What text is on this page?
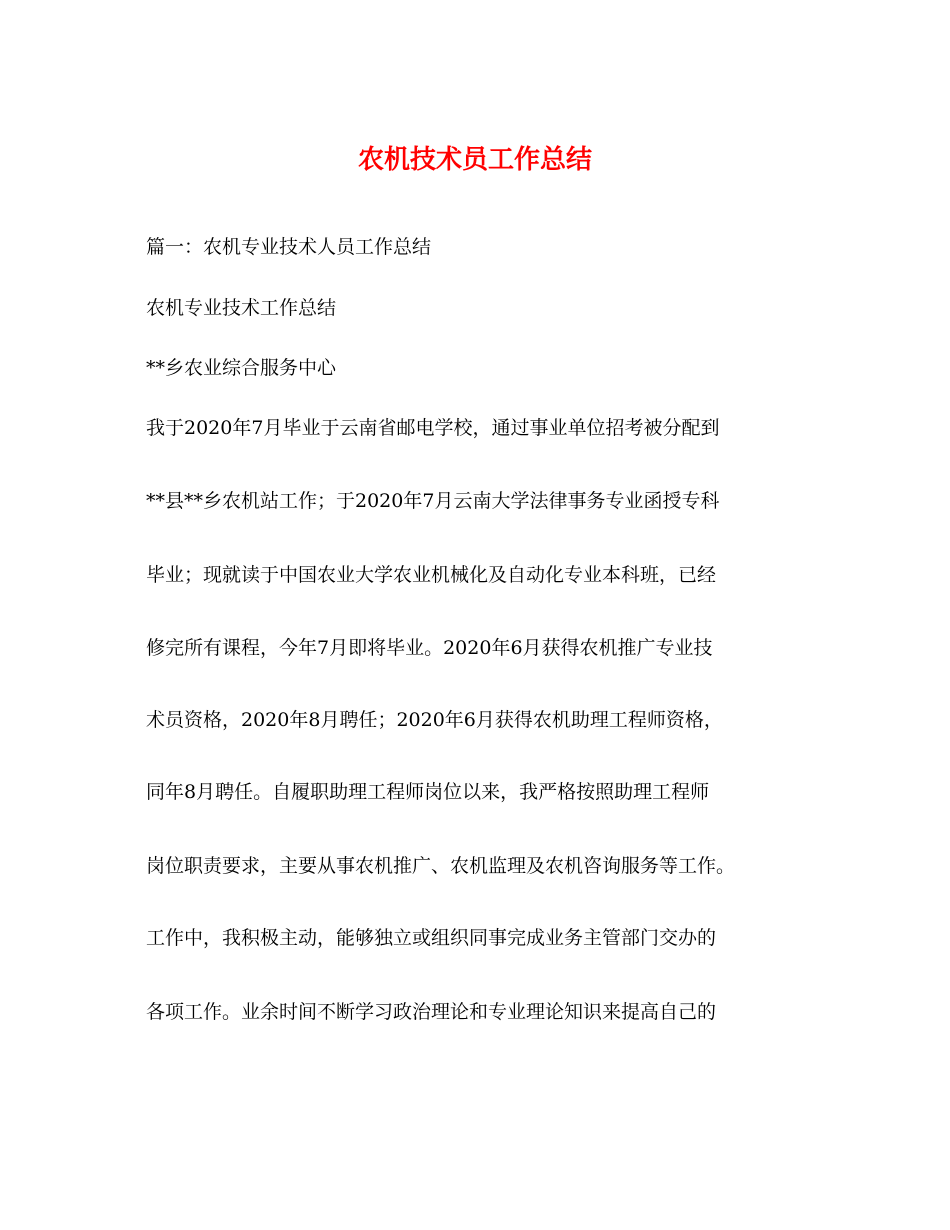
农机技术员工作总结
篇一：农机专业技术人员工作总结
农机专业技术工作总结
**乡农业综合服务中心
我于2020年7月毕业于云南省邮电学校，通过事业单位招考被分配到
**县**乡农机站工作；于2020年7月云南大学法律事务专业函授专科
毕业；现就读于中国农业大学农业机械化及自动化专业本科班，已经
修完所有课程，今年7月即将毕业。2020年6月获得农机推广专业技
术员资格，2020年8月聘任；2020年6月获得农机助理工程师资格，
同年8月聘任。自履职助理工程师岗位以来，我严格按照助理工程师
岗位职责要求，主要从事农机推广、农机监理及农机咨询服务等工作。
工作中，我积极主动，能够独立或组织同事完成业务主管部门交办的
各项工作。业余时间不断学习政治理论和专业理论知识来提高自己的
